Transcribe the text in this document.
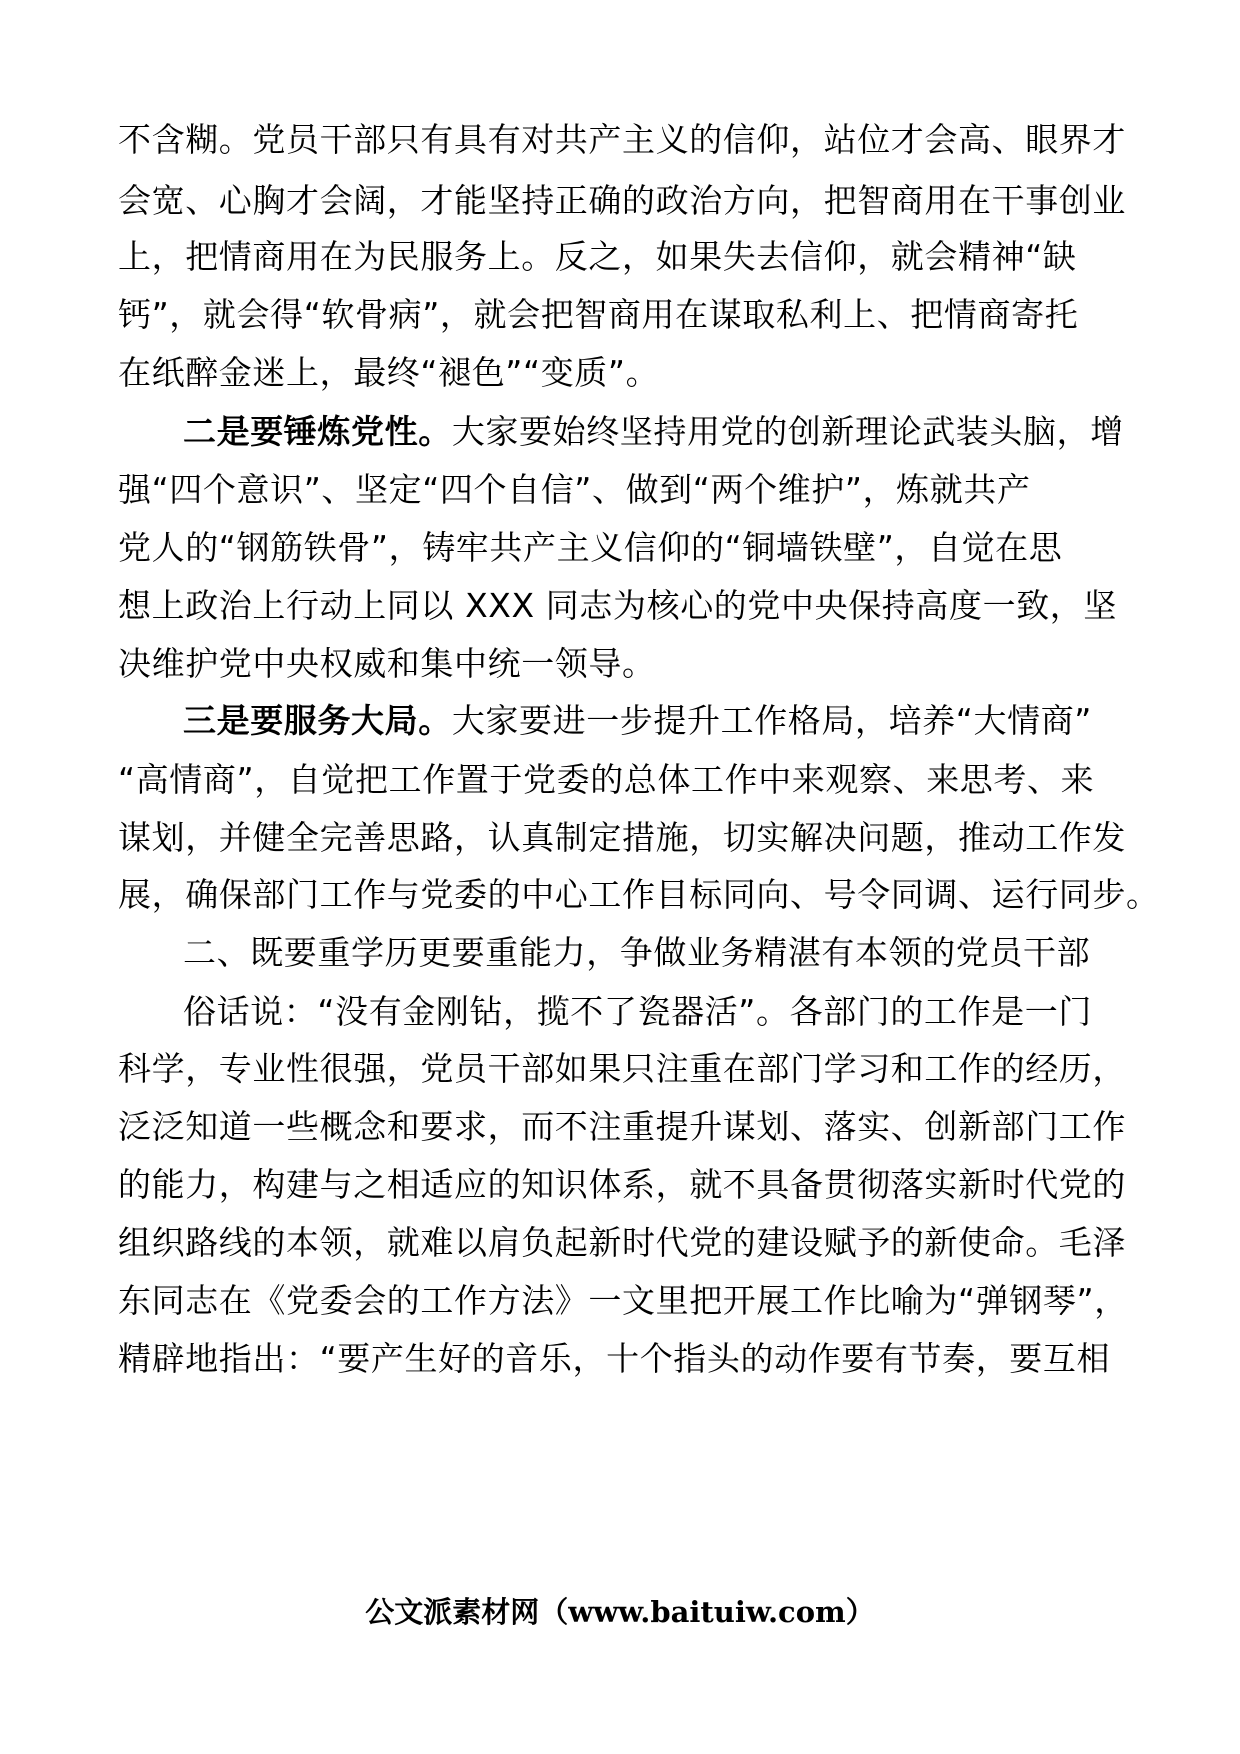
不含糊。党员干部只有具有对共产主义的信仰，站位才会高、眼界才
会宽、心胸才会阔，才能坚持正确的政治方向，把智商用在干事创业
上，把情商用在为民服务上。反之，如果失去信仰，就会精神“缺
钙”，就会得“软骨病”，就会把智商用在谋取私利上、把情商寄托
在纸醉金迷上，最终“褪色”“变质”。
二是要锤炼党性。大家要始终坚持用党的创新理论武装头脑，增
强“四个意识”、坚定“四个自信”、做到“两个维护”，炼就共产
党人的“钢筋铁骨”，铸牢共产主义信仰的“铜墙铁壁”，自觉在思
想上政治上行动上同以 XXX 同志为核心的党中央保持高度一致，坚
决维护党中央权威和集中统一领导。
三是要服务大局。大家要进一步提升工作格局，培养“大情商”
“高情商”，自觉把工作置于党委的总体工作中来观察、来思考、来
谋划，并健全完善思路，认真制定措施，切实解决问题，推动工作发
展，确保部门工作与党委的中心工作目标同向、号令同调、运行同步。
二、既要重学历更要重能力，争做业务精湛有本领的党员干部
俗话说：“没有金刚钻，揽不了瓷器活”。各部门的工作是一门
科学，专业性很强，党员干部如果只注重在部门学习和工作的经历，
泛泛知道一些概念和要求，而不注重提升谋划、落实、创新部门工作
的能力，构建与之相适应的知识体系，就不具备贯彻落实新时代党的
组织路线的本领，就难以肩负起新时代党的建设赋予的新使命。毛泽
东同志在《党委会的工作方法》一文里把开展工作比喻为“弹钢琴”，
精辟地指出：“要产生好的音乐，十个指头的动作要有节奏，要互相
公文派素材网（www.baituiw.com）
